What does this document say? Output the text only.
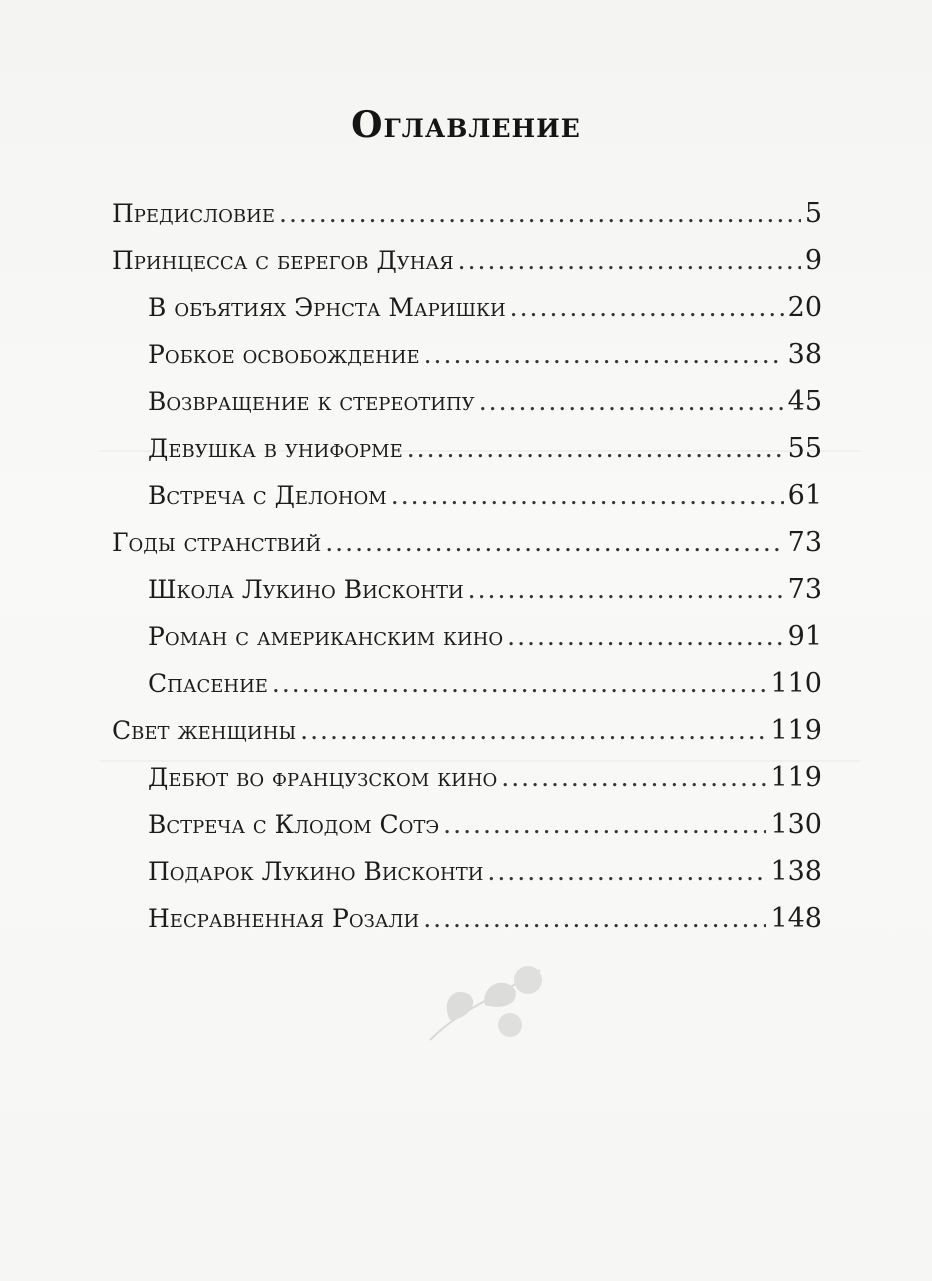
Оглавление
Предисловие .....	5
Принцесса с берегов Дуная .....	9
В объятиях Эрнста Маришки .....	20
Робкое освобождение .....	38
Возвращение к стереотипу .....	45
Девушка в униформе .....	55
Встреча с Делоном .....	61
Годы странствий .....	73
Школа Лукино Висконти .....	73
Роман с американским кино .....	91
Спасение .....	110
Свет женщины .....	119
Дебют во французском кино .....	119
Встреча с Клодом Сотэ .....	130
Подарок Лукино Висконти .....	138
Несравненная Розали .....	148
